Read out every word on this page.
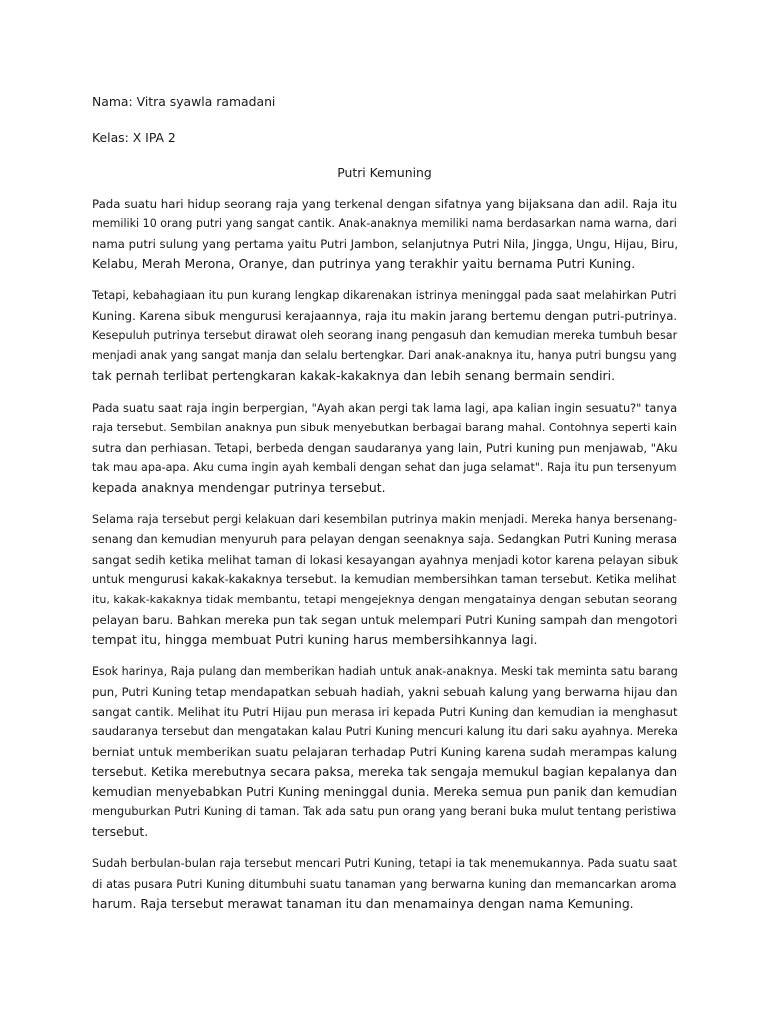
Nama: Vitra syawla ramadani

Kelas: X IPA 2

Putri Kemuning

Pada suatu hari hidup seorang raja yang terkenal dengan sifatnya yang bijaksana dan adil. Raja itu
memiliki 10 orang putri yang sangat cantik. Anak-anaknya memiliki nama berdasarkan nama warna, dari
nama putri sulung yang pertama yaitu Putri Jambon, selanjutnya Putri Nila, Jingga, Ungu, Hijau, Biru,
Kelabu, Merah Merona, Oranye, dan putrinya yang terakhir yaitu bernama Putri Kuning.

Tetapi, kebahagiaan itu pun kurang lengkap dikarenakan istrinya meninggal pada saat melahirkan Putri
Kuning. Karena sibuk mengurusi kerajaannya, raja itu makin jarang bertemu dengan putri-putrinya.
Kesepuluh putrinya tersebut dirawat oleh seorang inang pengasuh dan kemudian mereka tumbuh besar
menjadi anak yang sangat manja dan selalu bertengkar. Dari anak-anaknya itu, hanya putri bungsu yang
tak pernah terlibat pertengkaran kakak-kakaknya dan lebih senang bermain sendiri.

Pada suatu saat raja ingin berpergian, "Ayah akan pergi tak lama lagi, apa kalian ingin sesuatu?" tanya
raja tersebut. Sembilan anaknya pun sibuk menyebutkan berbagai barang mahal. Contohnya seperti kain
sutra dan perhiasan. Tetapi, berbeda dengan saudaranya yang lain, Putri kuning pun menjawab, "Aku
tak mau apa-apa. Aku cuma ingin ayah kembali dengan sehat dan juga selamat". Raja itu pun tersenyum
kepada anaknya mendengar putrinya tersebut.

Selama raja tersebut pergi kelakuan dari kesembilan putrinya makin menjadi. Mereka hanya bersenang-
senang dan kemudian menyuruh para pelayan dengan seenaknya saja. Sedangkan Putri Kuning merasa
sangat sedih ketika melihat taman di lokasi kesayangan ayahnya menjadi kotor karena pelayan sibuk
untuk mengurusi kakak-kakaknya tersebut. Ia kemudian membersihkan taman tersebut. Ketika melihat
itu, kakak-kakaknya tidak membantu, tetapi mengejeknya dengan mengatainya dengan sebutan seorang
pelayan baru. Bahkan mereka pun tak segan untuk melempari Putri Kuning sampah dan mengotori
tempat itu, hingga membuat Putri kuning harus membersihkannya lagi.

Esok harinya, Raja pulang dan memberikan hadiah untuk anak-anaknya. Meski tak meminta satu barang
pun, Putri Kuning tetap mendapatkan sebuah hadiah, yakni sebuah kalung yang berwarna hijau dan
sangat cantik. Melihat itu Putri Hijau pun merasa iri kepada Putri Kuning dan kemudian ia menghasut
saudaranya tersebut dan mengatakan kalau Putri Kuning mencuri kalung itu dari saku ayahnya. Mereka
berniat untuk memberikan suatu pelajaran terhadap Putri Kuning karena sudah merampas kalung
tersebut. Ketika merebutnya secara paksa, mereka tak sengaja memukul bagian kepalanya dan
kemudian menyebabkan Putri Kuning meninggal dunia. Mereka semua pun panik dan kemudian
menguburkan Putri Kuning di taman. Tak ada satu pun orang yang berani buka mulut tentang peristiwa
tersebut.

Sudah berbulan-bulan raja tersebut mencari Putri Kuning, tetapi ia tak menemukannya. Pada suatu saat
di atas pusara Putri Kuning ditumbuhi suatu tanaman yang berwarna kuning dan memancarkan aroma
harum. Raja tersebut merawat tanaman itu dan menamainya dengan nama Kemuning.
